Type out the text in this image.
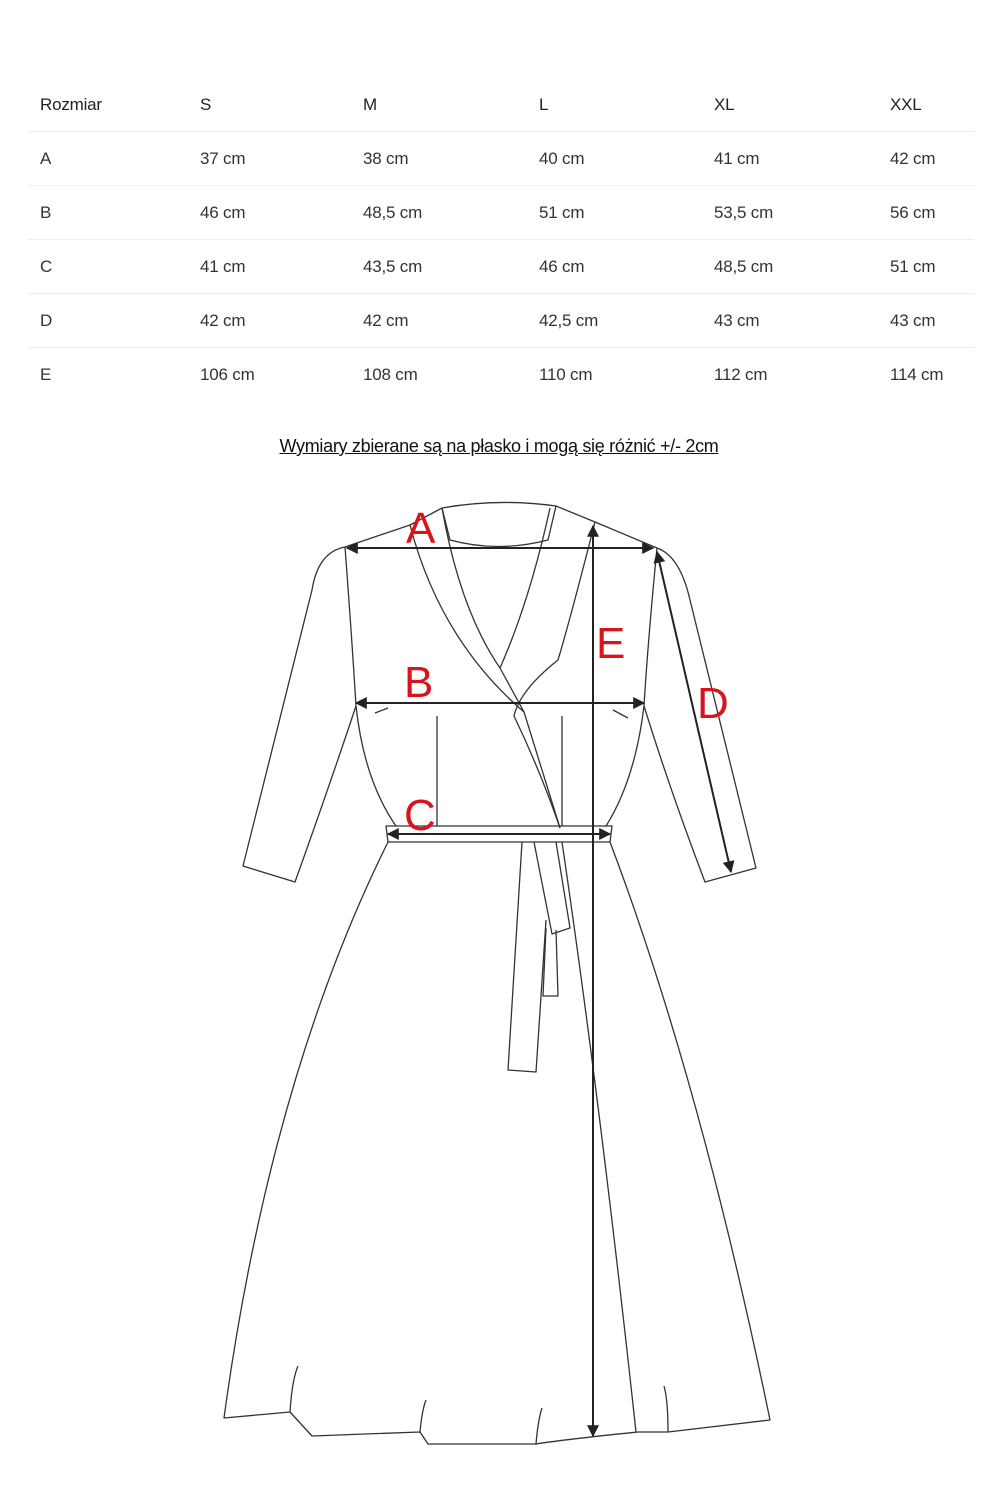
Rozmiar	S	M	L	XL	XXL
A	37 cm	38 cm	40 cm	41 cm	42 cm
B	46 cm	48,5 cm	51 cm	53,5 cm	56 cm
C	41 cm	43,5 cm	46 cm	48,5 cm	51 cm
D	42 cm	42 cm	42,5 cm	43 cm	43 cm
E	106 cm	108 cm	110 cm	112 cm	114 cm
Wymiary zbierane są na płasko i mogą się różnić +/- 2cm
A
B
C
D
E
